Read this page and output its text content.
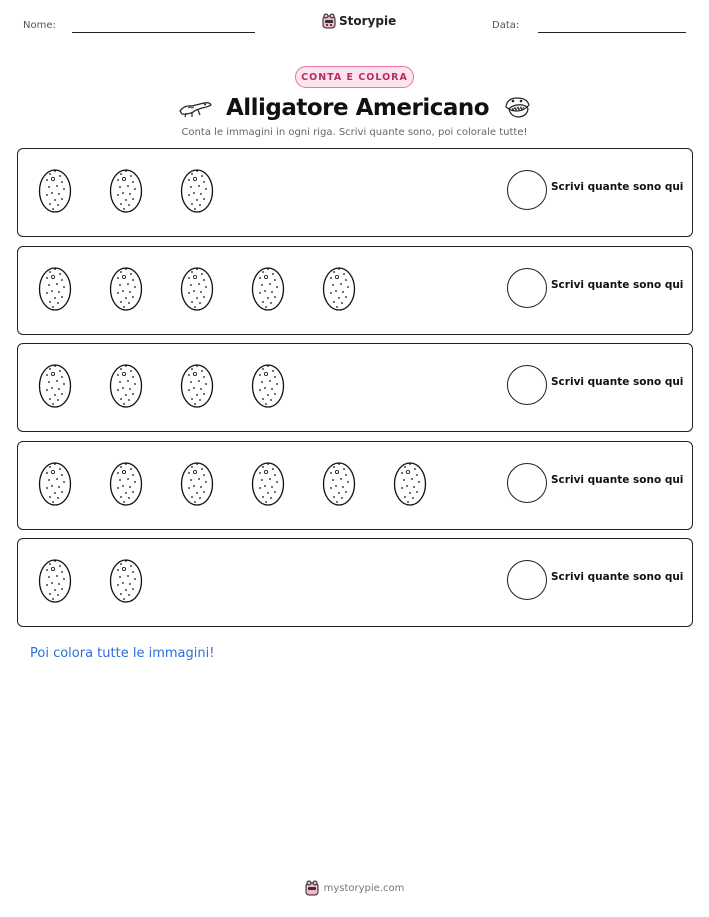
Nome:	Storypie	Data:
CONTA E COLORA
Alligatore Americano
Conta le immagini in ogni riga. Scrivi quante sono, poi colorale tutte!
Scrivi quante sono qui
Scrivi quante sono qui
Scrivi quante sono qui
Scrivi quante sono qui
Scrivi quante sono qui
Poi colora tutte le immagini!
mystorypie.com
